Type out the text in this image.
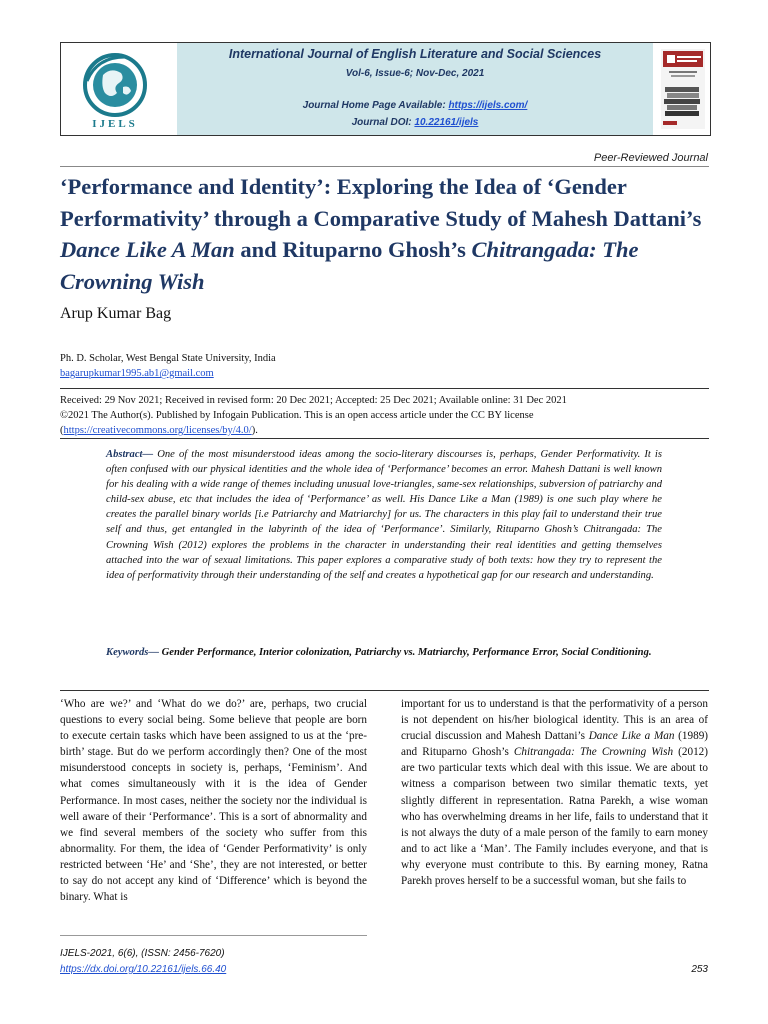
IJELS
International Journal of English Literature and Social Sciences
Vol-6, Issue-6; Nov-Dec, 2021
Journal Home Page Available: https://ijels.com/
Journal DOI: 10.22161/ijels
Peer-Reviewed Journal
‘Performance and Identity’: Exploring the Idea of ‘Gender Performativity’ through a Comparative Study of Mahesh Dattani’s Dance Like A Man and Rituparno Ghosh’s Chitrangada: The Crowning Wish
Arup Kumar Bag
Ph. D. Scholar, West Bengal State University, India
bagarupkumar1995.ab1@gmail.com
Received: 29 Nov 2021; Received in revised form: 20 Dec 2021; Accepted: 25 Dec 2021; Available online: 31 Dec 2021
©2021 The Author(s). Published by Infogain Publication. This is an open access article under the CC BY license
(https://creativecommons.org/licenses/by/4.0/).
Abstract— One of the most misunderstood ideas among the socio-literary discourses is, perhaps, Gender Performativity. It is often confused with our physical identities and the whole idea of ‘Performance’ becomes an error. Mahesh Dattani is well known for his dealing with a wide range of themes including unusual love-triangles, same-sex relationships, subversion of patriarchy and child-sex abuse, etc that includes the idea of ‘Performance’ as well. His Dance Like a Man (1989) is one such play where he creates the parallel binary worlds [i.e Patriarchy and Matriarchy] for us. The characters in this play fail to understand their true self and thus, get entangled in the labyrinth of the idea of ‘Performance’. Similarly, Rituparno Ghosh’s Chitrangada: The Crowning Wish (2012) explores the problems in the character in understanding their real identities and getting themselves attached into the war of sexual limitations. This paper explores a comparative study of both texts: how they try to represent the idea of performativity through their understanding of the self and creates a hypothetical gap for our research and understanding.
Keywords— Gender Performance, Interior colonization, Patriarchy vs. Matriarchy, Performance Error, Social Conditioning.
‘Who are we?’ and ‘What do we do?’ are, perhaps, two crucial questions to every social being. Some believe that people are born to execute certain tasks which have been assigned to us at the ‘pre-birth’ stage. But do we perform accordingly then? One of the most misunderstood concepts in society is, perhaps, ‘Feminism’. And what comes simultaneously with it is the idea of Gender Performance. In most cases, neither the society nor the individual is well aware of their ‘Performance’. This is a sort of abnormality and we find several members of the society who suffer from this abnormality. For them, the idea of ‘Gender Performativity’ is only restricted between ‘He’ and ‘She’, they are not interested, or better to say do not accept any kind of ‘Difference’ which is beyond the binary. What is
important for us to understand is that the performativity of a person is not dependent on his/her biological identity. This is an area of crucial discussion and Mahesh Dattani’s Dance Like a Man (1989) and Rituparno Ghosh’s Chitrangada: The Crowning Wish (2012) are two particular texts which deal with this issue. We are about to witness a comparison between two similar thematic texts, yet slightly different in representation. Ratna Parekh, a wise woman who has overwhelming dreams in her life, fails to understand that it is not always the duty of a male person of the family to earn money and to act like a ‘Man’. The Family includes everyone, and that is why everyone must contribute to this. By earning money, Ratna Parekh proves herself to be a successful woman, but she fails to
IJELS-2021, 6(6), (ISSN: 2456-7620)
https://dx.doi.org/10.22161/ijels.66.40	253
